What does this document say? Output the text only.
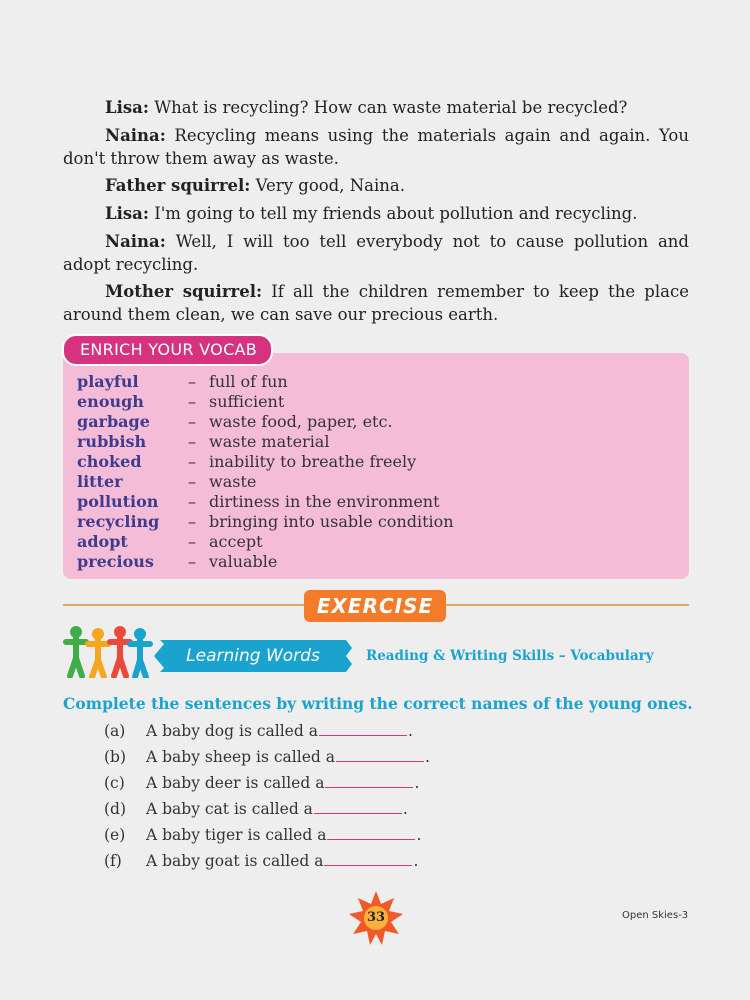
Lisa: What is recycling? How can waste material be recycled?

Naina: Recycling means using the materials again and again. You don't throw them away as waste.

Father squirrel: Very good, Naina.

Lisa: I'm going to tell my friends about pollution and recycling.

Naina: Well, I will too tell everybody not to cause pollution and adopt recycling.

Mother squirrel: If all the children remember to keep the place around them clean, we can save our precious earth.

playful	– full of fun
enough	– sufficient
garbage	– waste food, paper, etc.
rubbish	– waste material
choked	– inability to breathe freely
litter	– waste
pollution	– dirtiness in the environment
recycling	– bringing into usable condition
adopt	– accept
precious	– valuable
ENRICH YOUR VOCAB
EXERCISE
Learning Words	Reading & Writing Skills – Vocabulary
Complete the sentences by writing the correct names of the young ones.
(a) A baby dog is called a	.
(b) A baby sheep is called a	.
(c) A baby deer is called a	.
(d) A baby cat is called a	.
(e) A baby tiger is called a	.
(f) A baby goat is called a	.
33	Open Skies-3
